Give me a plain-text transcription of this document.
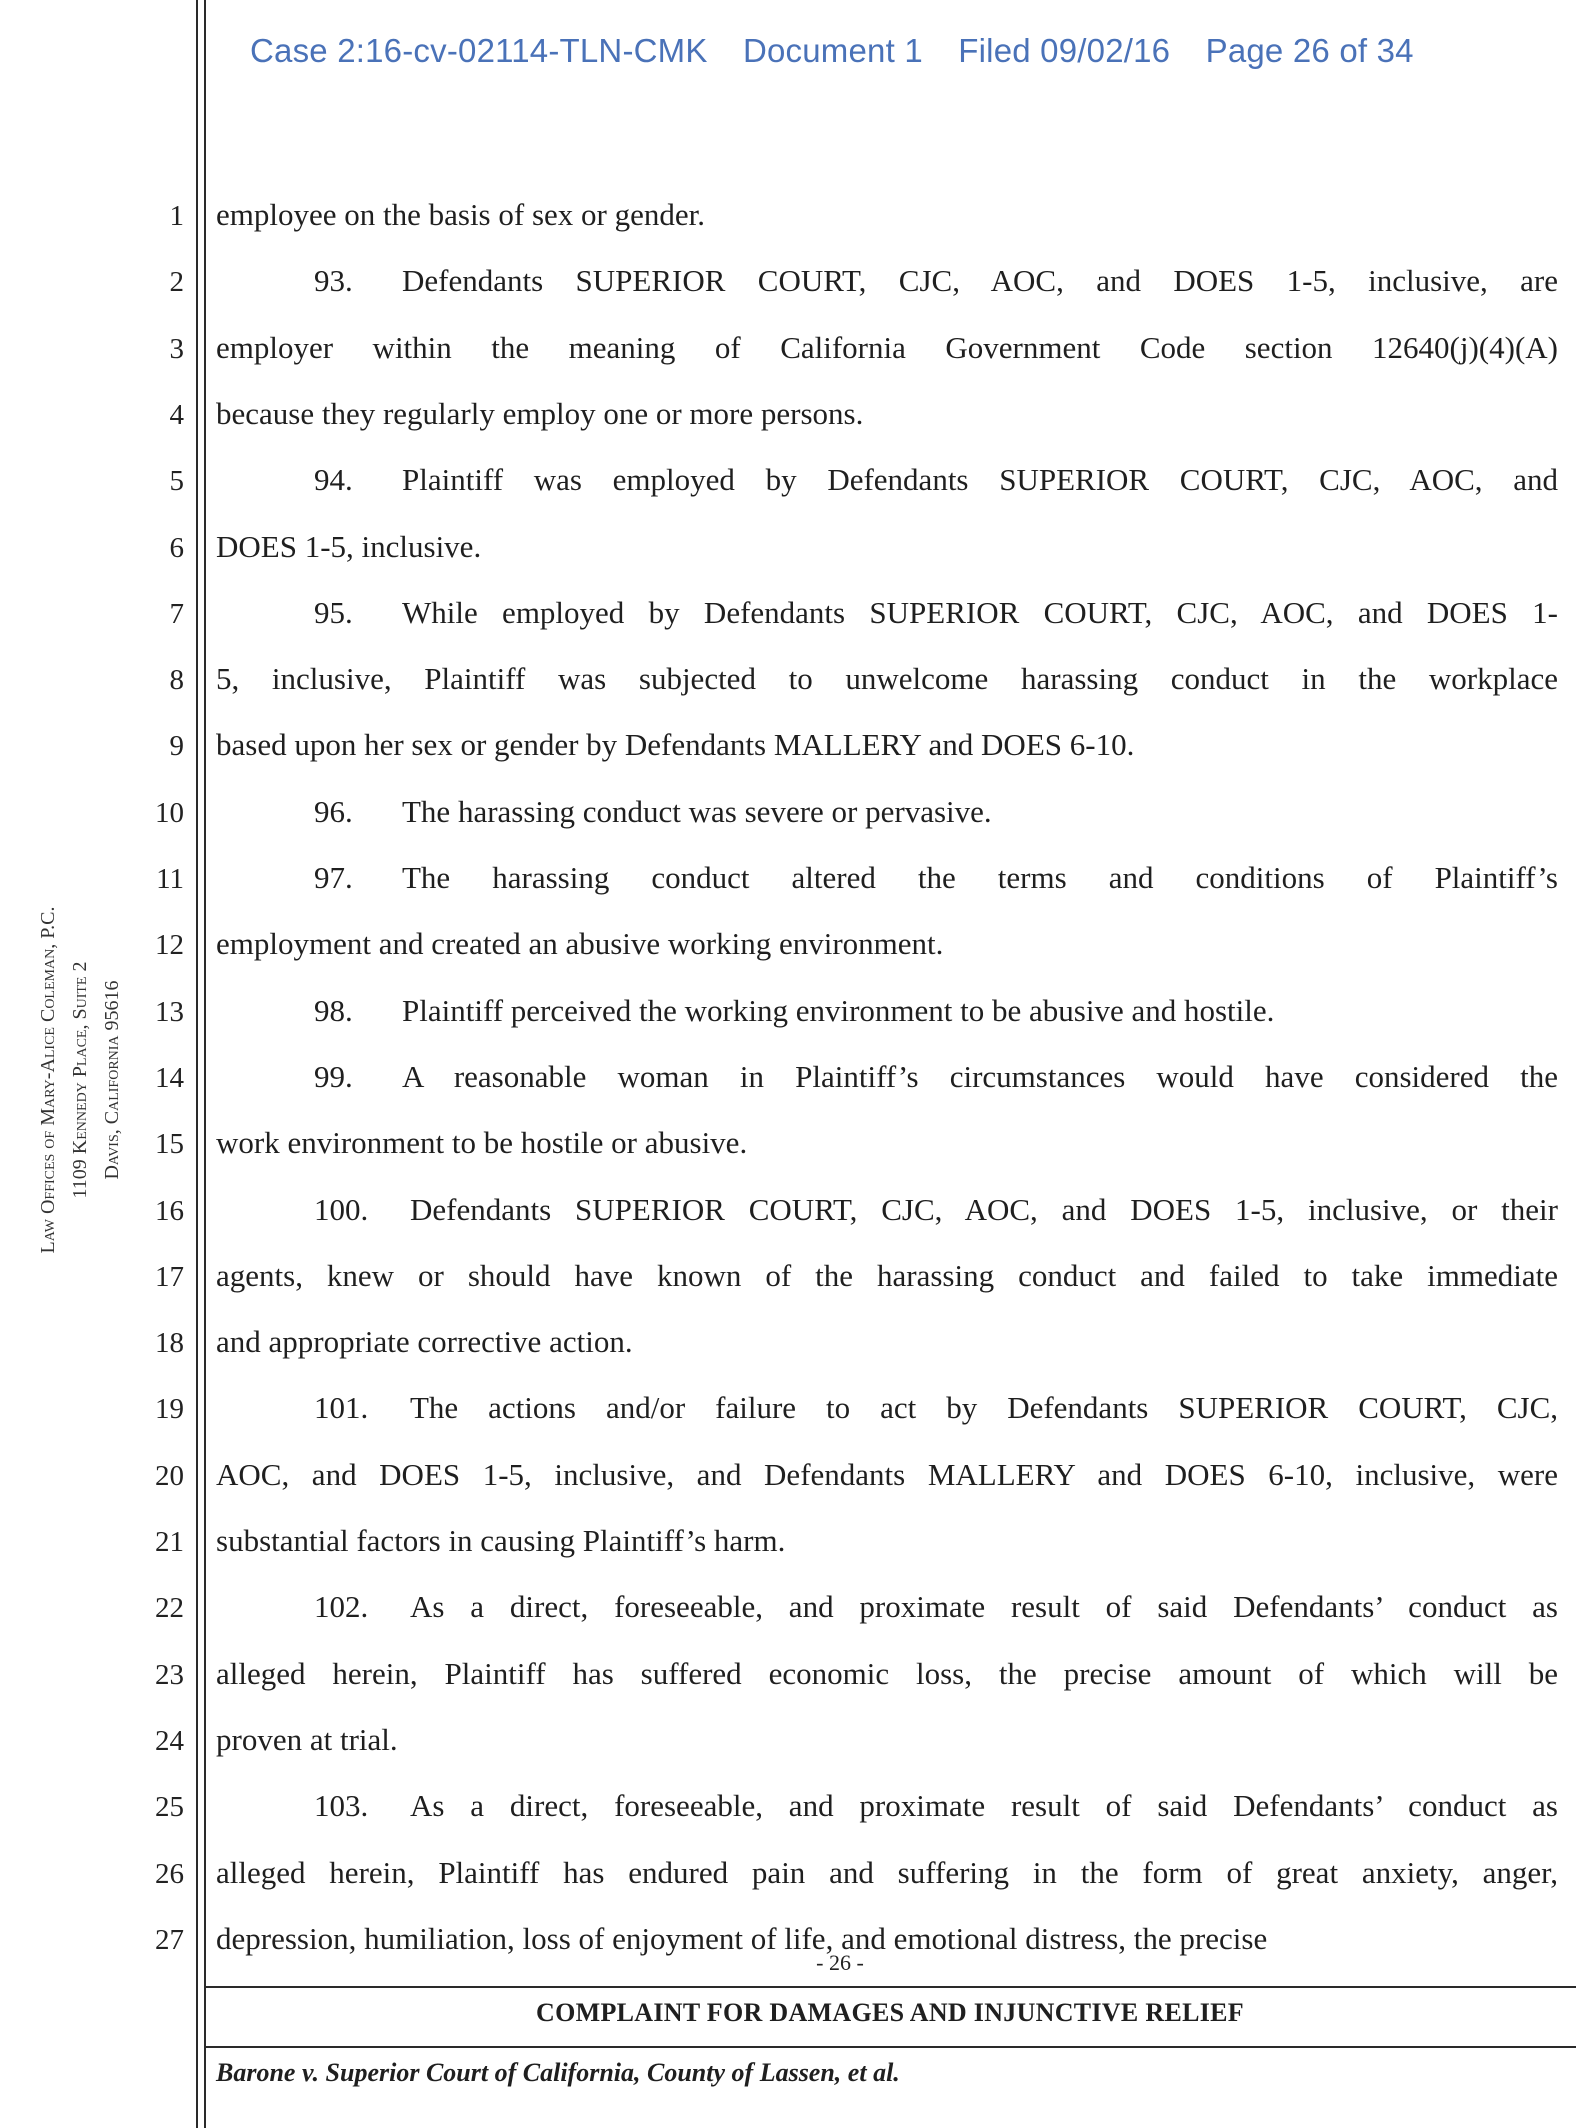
Case 2:16-cv-02114-TLN-CMK Document 1 Filed 09/02/16 Page 26 of 34
Law Offices of Mary-Alice Coleman, P.C. 1109 Kennedy Place, Suite 2 Davis, California 95616
1 employee on the basis of sex or gender.
2	93. Defendants SUPERIOR COURT, CJC, AOC, and DOES 1-5, inclusive, are
3 employer within the meaning of California Government Code section 12640(j)(4)(A)
4 because they regularly employ one or more persons.
5	94. Plaintiff was employed by Defendants SUPERIOR COURT, CJC, AOC, and
6 DOES 1-5, inclusive.
7	95. While employed by Defendants SUPERIOR COURT, CJC, AOC, and DOES 1-
8 5, inclusive, Plaintiff was subjected to unwelcome harassing conduct in the workplace
9 based upon her sex or gender by Defendants MALLERY and DOES 6-10.
10	96. The harassing conduct was severe or pervasive.
11	97. The harassing conduct altered the terms and conditions of Plaintiff’s
12 employment and created an abusive working environment.
13	98. Plaintiff perceived the working environment to be abusive and hostile.
14	99. A reasonable woman in Plaintiff’s circumstances would have considered the
15 work environment to be hostile or abusive.
16	100. Defendants SUPERIOR COURT, CJC, AOC, and DOES 1-5, inclusive, or their
17 agents, knew or should have known of the harassing conduct and failed to take immediate
18 and appropriate corrective action.
19	101. The actions and/or failure to act by Defendants SUPERIOR COURT, CJC,
20 AOC, and DOES 1-5, inclusive, and Defendants MALLERY and DOES 6-10, inclusive, were
21 substantial factors in causing Plaintiff’s harm.
22	102. As a direct, foreseeable, and proximate result of said Defendants’ conduct as
23 alleged herein, Plaintiff has suffered economic loss, the precise amount of which will be
24 proven at trial.
25	103. As a direct, foreseeable, and proximate result of said Defendants’ conduct as
26 alleged herein, Plaintiff has endured pain and suffering in the form of great anxiety, anger,
27 depression, humiliation, loss of enjoyment of life, and emotional distress, the precise
- 26 -
COMPLAINT FOR DAMAGES AND INJUNCTIVE RELIEF
Barone v. Superior Court of California, County of Lassen, et al.
